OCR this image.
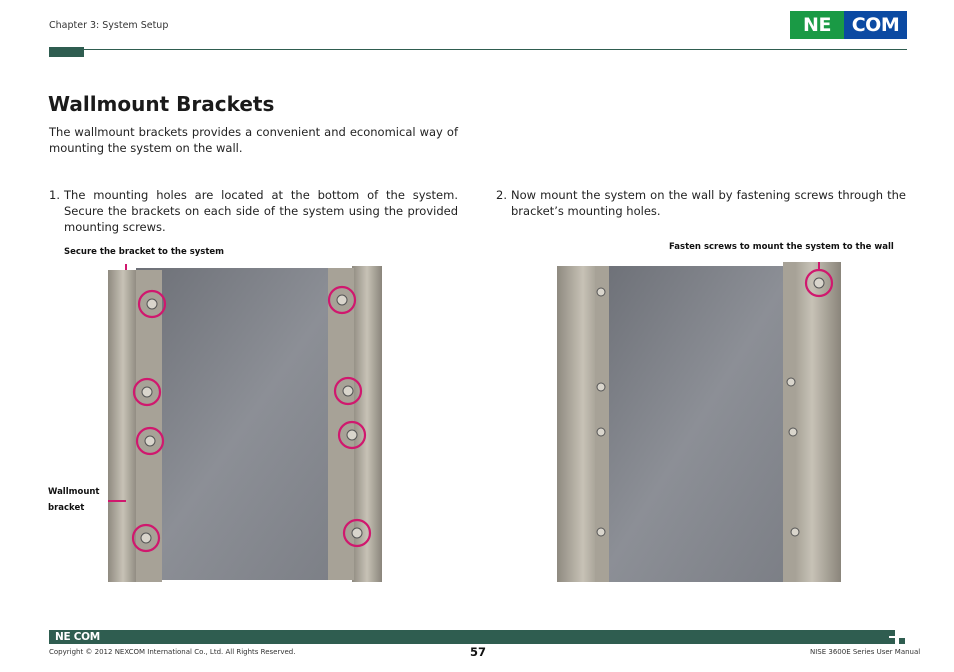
Chapter 3: System Setup	NE	COM
Wallmount Brackets
The wallmount brackets provides a convenient and economical way of mounting the system on the wall.
1. The mounting holes are located at the bottom of the system. Secure the brackets on each side of the system using the provided mounting screws.
2. Now mount the system on the wall by fastening screws through the bracket’s mounting holes.
Secure the bracket to the system	Fasten screws to mount the system to the wall
Wallmount
bracket
NE COM
Copyright © 2012 NEXCOM International Co., Ltd. All Rights Reserved.	57	NISE 3600E Series User Manual
